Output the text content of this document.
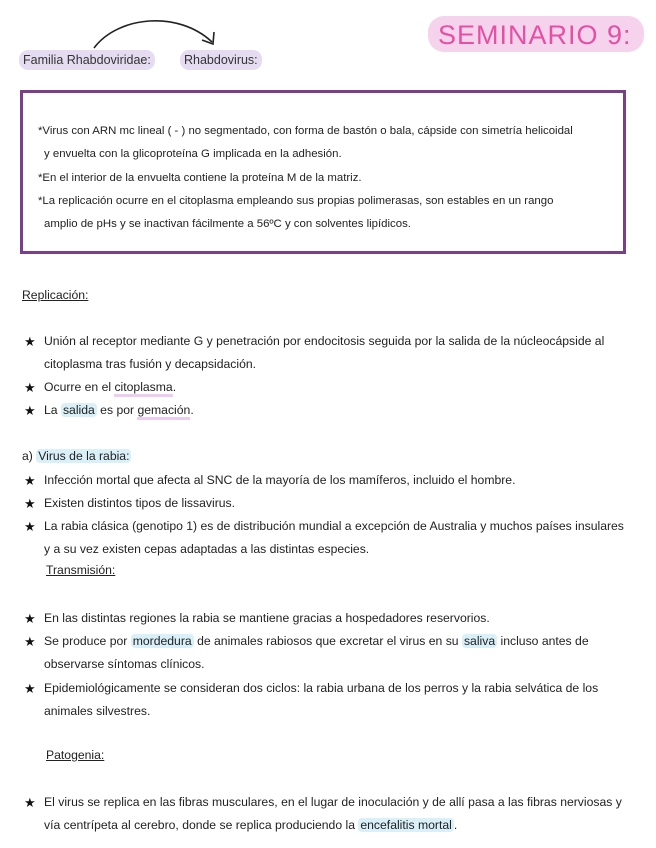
SEMINARIO 9:
Familia Rhabdoviridae:	Rhabdovirus:

*Virus con ARN mc lineal ( - ) no segmentado, con forma de bastón o bala, cápside con simetría helicoidal

y envuelta con la glicoproteína G implicada en la adhesión.

*En el interior de la envuelta contiene la proteína M de la matriz.

*La replicación ocurre en el citoplasma empleando sus propias polimerasas, son estables en un rango

amplio de pHs y se inactivan fácilmente a 56ºC y con solventes lipídicos.

Replicación:
★ Unión al receptor mediante G y penetración por endocitosis seguida por la salida de la núcleocápside al
citoplasma tras fusión y decapsidación.
★ Ocurre en el citoplasma.
★ La salida es por gemación.
a) Virus de la rabia:
★ Infección mortal que afecta al SNC de la mayoría de los mamíferos, incluido el hombre.
★ Existen distintos tipos de lissavirus.
★ La rabia clásica (genotipo 1) es de distribución mundial a excepción de Australia y muchos países insulares
y a su vez existen cepas adaptadas a las distintas especies.
Transmisión:
★ En las distintas regiones la rabia se mantiene gracias a hospedadores reservorios.
★ Se produce por mordedura de animales rabiosos que excretar el virus en su saliva incluso antes de
observarse síntomas clínicos.
★ Epidemiológicamente se consideran dos ciclos: la rabia urbana de los perros y la rabia selvática de los
animales silvestres.
Patogenia:
★ El virus se replica en las fibras musculares, en el lugar de inoculación y de allí pasa a las fibras nerviosas y
vía centrípeta al cerebro, donde se replica produciendo la encefalitis mortal .
